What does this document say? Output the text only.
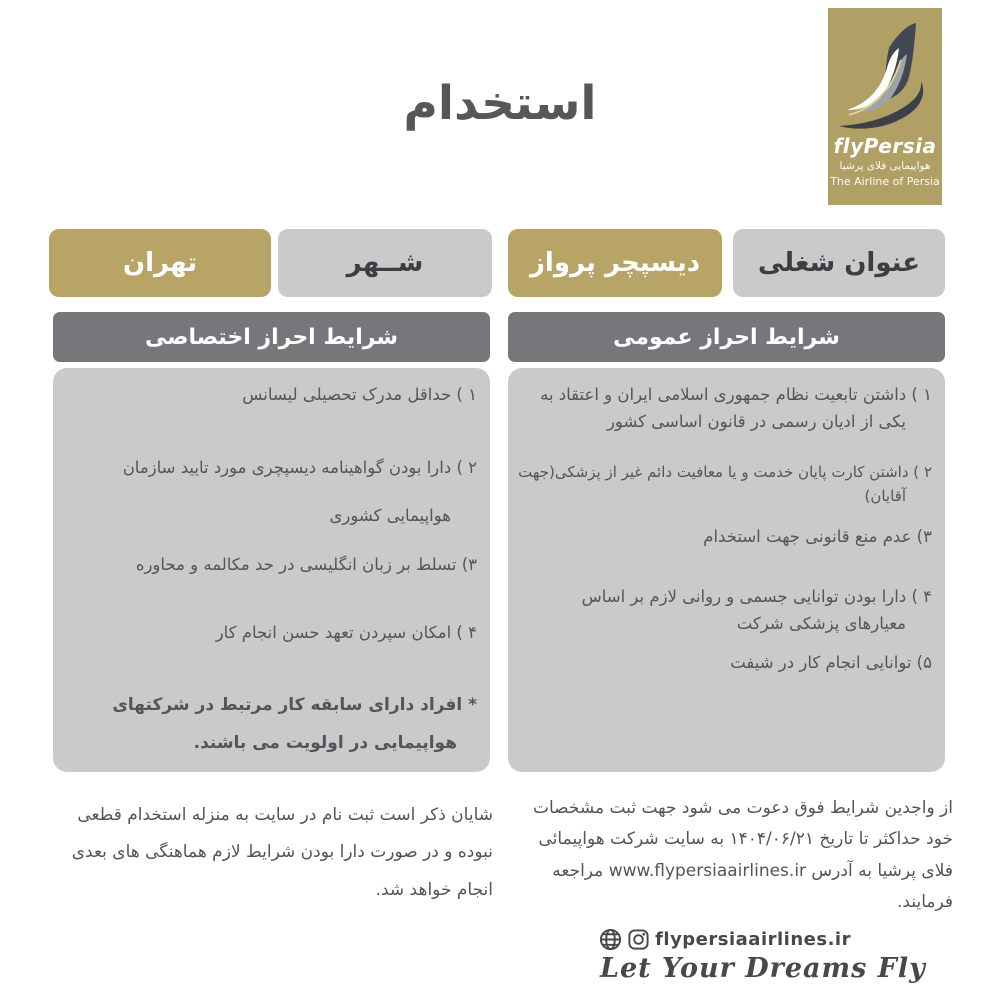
استخدام
flyPersia
هواپیمایی فلای پرشیا
The Airline of Persia
عنوان شغلی
دیسپچر پرواز
شــهر
تهران
شرایط احراز عمومی
شرایط احراز اختصاصی
۱ ) داشتن تابعیت نظام جمهوری اسلامی ایران و اعتقاد به یکی از ادیان رسمی در قانون اساسی کشور
۲ ) داشتن کارت پایان خدمت و یا معافیت دائم غیر از پزشکی(جهت آقایان)
۳) عدم منع قانونی جهت استخدام
۴ ) دارا بودن توانایی جسمی و روانی لازم بر اساس معیارهای پزشکی شرکت
۵) توانایی انجام کار در شیفت
۱ ) حداقل مدرک تحصیلی لیسانس
۲ ) دارا بودن گواهینامه دیسپچری مورد تایید سازمان هواپیمایی کشوری
۳) تسلط بر زبان انگلیسی در حد مکالمه و محاوره
۴ ) امکان سپردن تعهد حسن انجام کار
* افراد دارای سابقه کار مرتبط در شرکتهای هواپیمایی در اولویت می باشند.
از واجدین شرایط فوق دعوت می شود جهت ثبت مشخصات خود حداکثر تا تاریخ ۱۴۰۴/۰۶/۲۱ به سایت شرکت هواپیمائی فلای پرشیا به آدرس www.flypersiaairlines.ir مراجعه فرمایند.
شایان ذکر است ثبت نام در سایت به منزله استخدام قطعی نبوده و در صورت دارا بودن شرایط لازم هماهنگی های بعدی انجام خواهد شد.
flypersiaairlines.ir
Let Your Dreams Fly
